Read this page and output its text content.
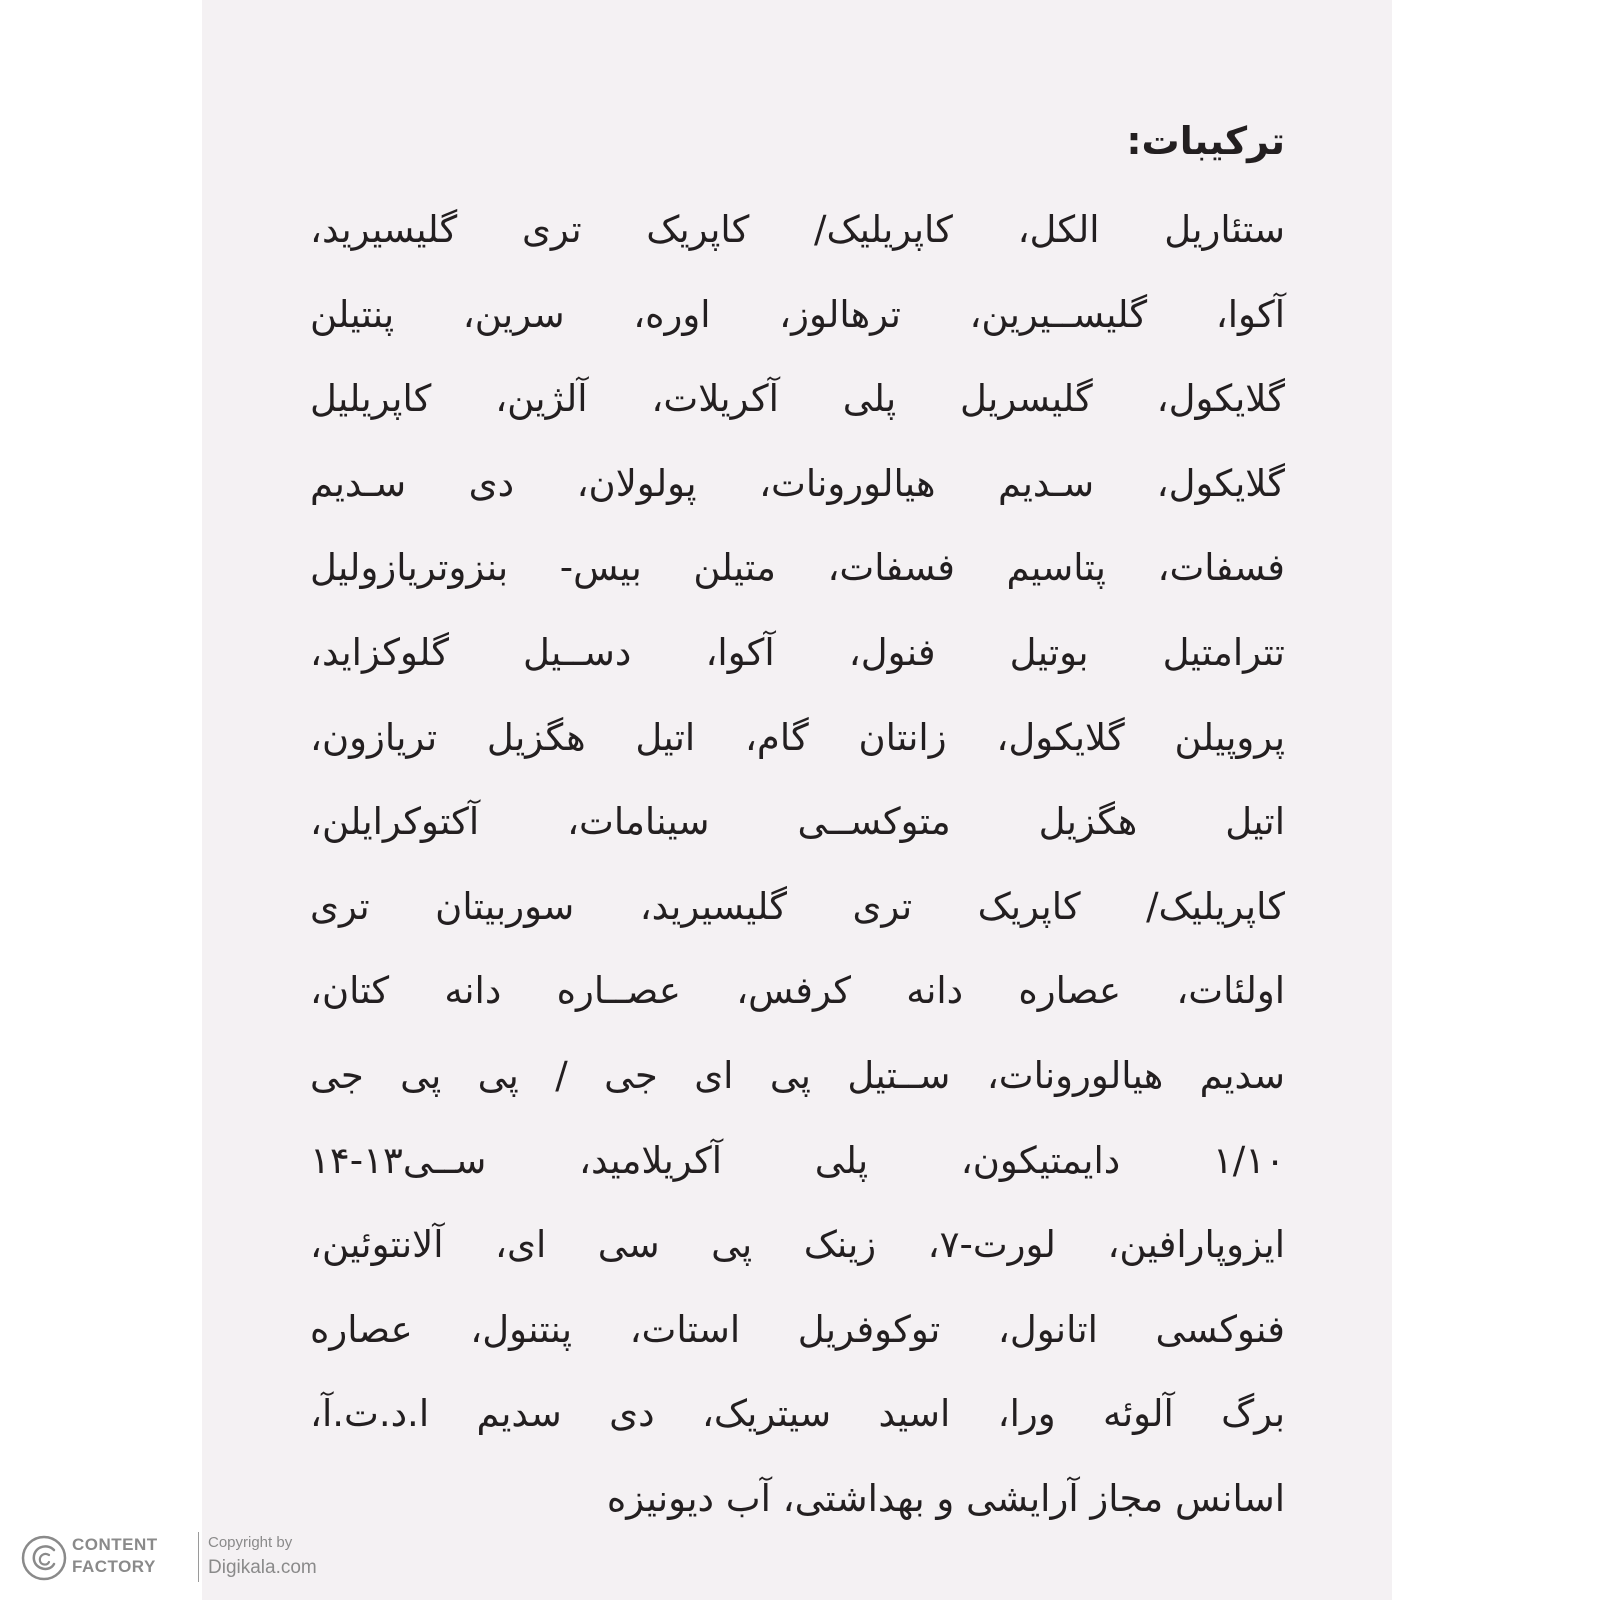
ترکیبات:
ستئاریل الکل، کاپریلیک/ کاپریک تری گلیسیرید،
آکوا، گلیســیرین، ترهالوز، اوره، سرین، پنتیلن
گلایکول، گلیسریل پلی آکریلات، آلژین، کاپریلیل
گلایکول، سـدیم هیالورونات، پولولان، دی سـدیم
فسفات، پتاسیم فسفات، متیلن بیس- بنزوتریازولیل
تترامتیل بوتیل فنول، آکوا، دســیل گلوکزاید،
پروپیلن گلایکول، زانتان گام، اتیل هگزیل تریازون،
اتیل هگزیل متوکســی سینامات، آکتوکرایلن،
کاپریلیک/ کاپریک تری گلیسیرید، سوربیتان تری
اولئات، عصاره دانه کرفس، عصــاره دانه کتان،
سدیم هیالورونات، ســتیل پی ای جی / پی پی جی
۱/۱۰ دایمتیکون، پلی آکریلامید، ســی۱۳-۱۴
ایزوپارافین، لورت-۷، زینک پی سی ای، آلانتوئین،
فنوکسی اتانول، توکوفریل استات، پنتنول، عصاره
برگ آلوئه ورا، اسید سیتریک، دی سدیم ا.د.ت.آ،
اسانس مجاز آرایشی و بهداشتی، آب دیونیزه
CONTENT
FACTORY
Copyright by
Digikala.com
